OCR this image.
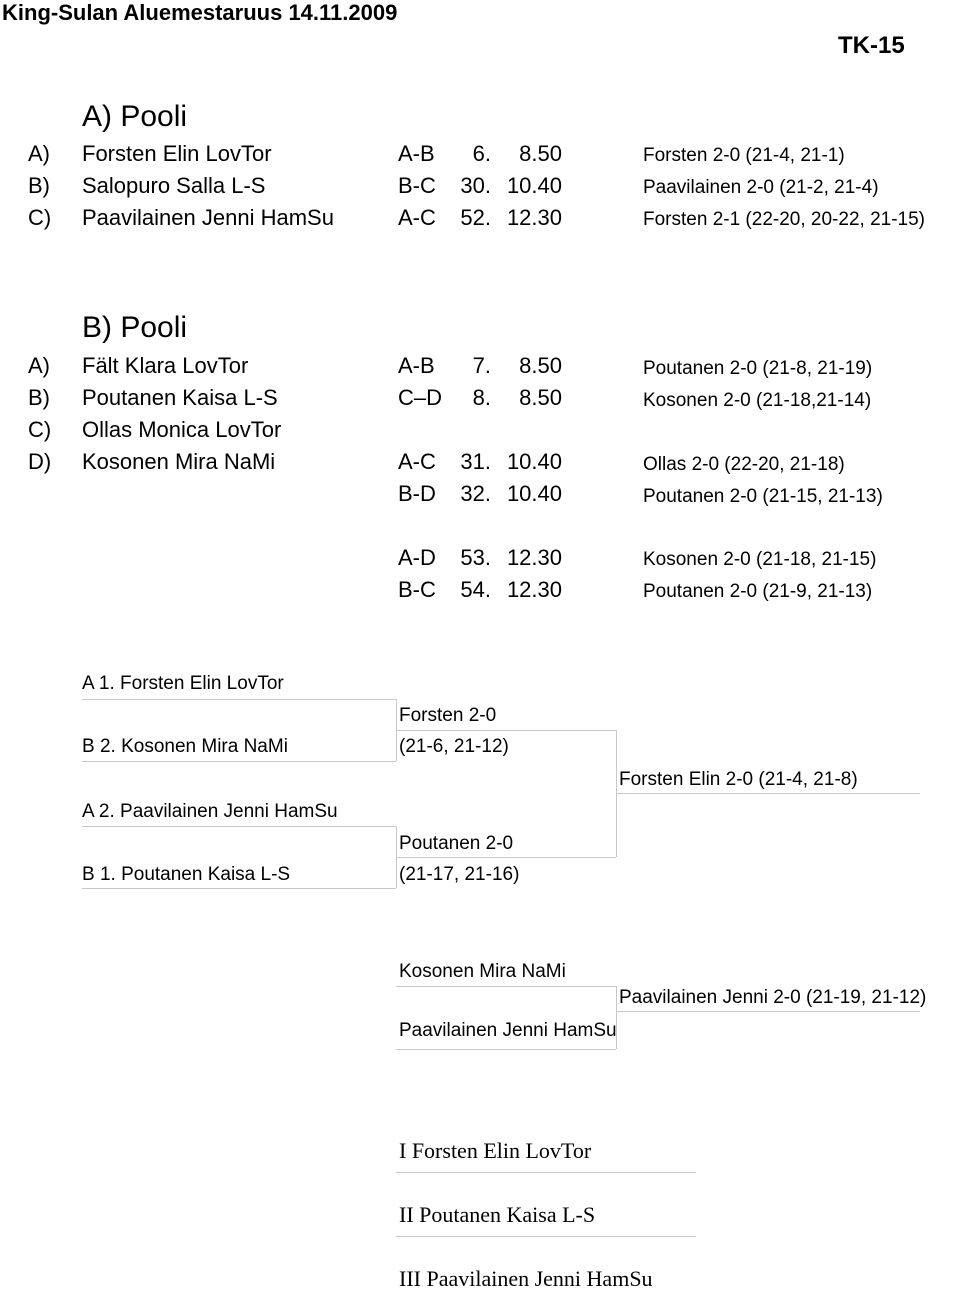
King-Sulan Aluemestaruus 14.11.2009
TK-15
A) Pooli
A) Forsten Elin LovTor
B) Salopuro Salla L-S
C) Paavilainen Jenni HamSu
A-B	6.	8.50	Forsten 2-0 (21-4, 21-1)
B-C 30. 10.40	Paavilainen 2-0 (21-2, 21-4)
A-C 52. 12.30	Forsten 2-1 (22-20, 20-22, 21-15)
B) Pooli
A) Fält Klara LovTor
B) Poutanen Kaisa L-S
C) Ollas Monica LovTor
D) Kosonen Mira NaMi
A-B	7.	8.50	Poutanen 2-0 (21-8, 21-19)
C–D	8.	8.50	Kosonen 2-0 (21-18,21-14)
A-C 31. 10.40	Ollas 2-0 (22-20, 21-18)
B-D 32. 10.40	Poutanen 2-0 (21-15, 21-13)
A-D 53. 12.30	Kosonen 2-0 (21-18, 21-15)
B-C 54. 12.30	Poutanen 2-0 (21-9, 21-13)
A 1. Forsten Elin LovTor
Forsten 2-0
B 2. Kosonen Mira NaMi	(21-6, 21-12)
Forsten Elin 2-0 (21-4, 21-8)
A 2. Paavilainen Jenni HamSu
Poutanen 2-0
B 1. Poutanen Kaisa L-S	(21-17, 21-16)
Kosonen Mira NaMi
Paavilainen Jenni 2-0 (21-19, 21-12)
Paavilainen Jenni HamSu
I Forsten Elin LovTor
II Poutanen Kaisa L-S
III Paavilainen Jenni HamSu
